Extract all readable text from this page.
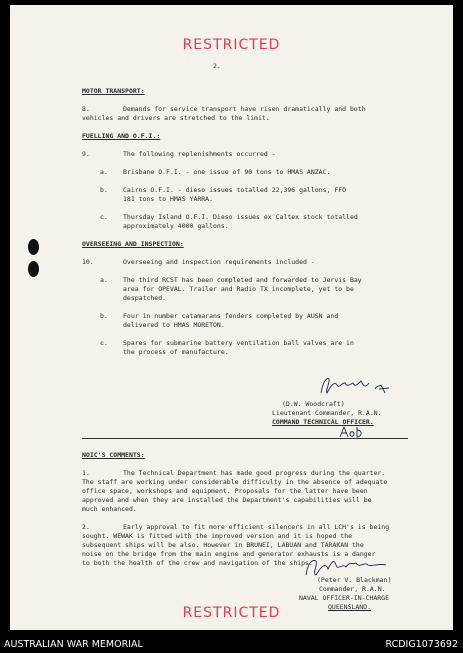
RESTRICTED
2.
MOTOR TRANSPORT:
8.	Demands for service transport have risen dramatically and both
vehicles and drivers are stretched to the limit.
FUELLING AND O.F.I.:
9.	The following replenishments occurred -
a. Brisbane O.F.I. - one issue of 90 tons to HMAS ANZAC.
b. Cairns O.F.I. - dieso issues totalled 22,396 gallons, FFO
181 tons to HMAS YARRA.
c. Thursday Island O.F.I. Dieso issues ex Caltex stock totalled
approximately 4000 gallons.
OVERSEEING AND INSPECTION:
10.	Overseeing and inspection requirements included -
a. The third RCST has been completed and forwarded to Jervis Bay
area for OPEVAL. Trailer and Radio TX incomplete, yet to be
despatched.
b. Four in number catamarans fenders completed by AUSN and
delivered to HMAS MORETON.
c. Spares for submarine battery ventilation ball valves are in
the process of manufacture.
(D.W. Woodcraft)
Lieutenant Commander, R.A.N.
COMMAND TECHNICAL OFFICER.
NOIC'S COMMENTS:
1.	The Technical Department has made good progress during the quarter.
The staff are working under considerable difficulty in the absence of adequate
office space, workshops and equipment. Proposals for the latter have been
approved and when they are installed the Department's capabilities will be
much enhanced.
2.	Early approval to fit more efficient silencers in all LCH's is being
sought. WEWAK is fitted with the improved version and it is hoped the
subsequent ships will be also. However in BRUNEI, LABUAN and TARAKAN the
noise on the bridge from the main engine and generator exhausts is a danger
to both the health of the crew and navigation of the ships.
(Peter V. Blackman)
Commander, R.A.N.
NAVAL OFFICER-IN-CHARGE
QUEENSLAND.
RESTRICTED
AUSTRALIAN WAR MEMORIAL	RCDIG1073692
